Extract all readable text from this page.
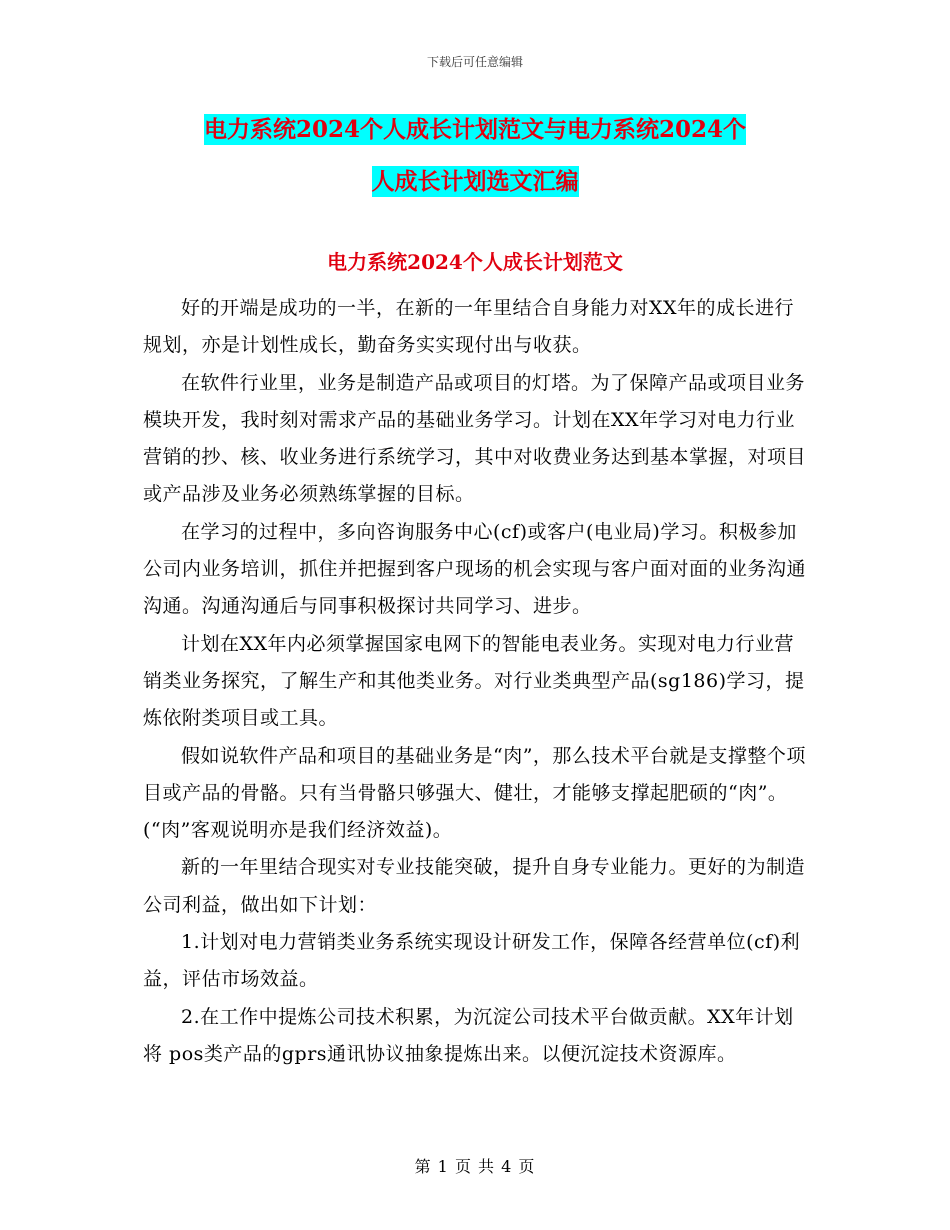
下载后可任意编辑
电力系统2024个人成长计划范文与电力系统2024个
人成长计划选文汇编
电力系统2024个人成长计划范文

好的开端是成功的一半，在新的一年里结合自身能力对XX年的成长进行规划，亦是计划性成长，勤奋务实实现付出与收获。

在软件行业里，业务是制造产品或项目的灯塔。为了保障产品或项目业务模块开发，我时刻对需求产品的基础业务学习。计划在XX年学习对电力行业营销的抄、核、收业务进行系统学习，其中对收费业务达到基本掌握，对项目或产品涉及业务必须熟练掌握的目标。

在学习的过程中，多向咨询服务中心(cf)或客户(电业局)学习。积极参加公司内业务培训，抓住并把握到客户现场的机会实现与客户面对面的业务沟通沟通。沟通沟通后与同事积极探讨共同学习、进步。

计划在XX年内必须掌握国家电网下的智能电表业务。实现对电力行业营销类业务探究，了解生产和其他类业务。对行业类典型产品(sg186)学习，提炼依附类项目或工具。

假如说软件产品和项目的基础业务是“肉”，那么技术平台就是支撑整个项目或产品的骨骼。只有当骨骼只够强大、健壮，才能够支撑起肥硕的“肉”。(“肉”客观说明亦是我们经济效益)。

新的一年里结合现实对专业技能突破，提升自身专业能力。更好的为制造公司利益，做出如下计划：

1.计划对电力营销类业务系统实现设计研发工作，保障各经营单位(cf)利益，评估市场效益。

2.在工作中提炼公司技术积累，为沉淀公司技术平台做贡献。XX年计划将 pos类产品的gprs通讯协议抽象提炼出来。以便沉淀技术资源库。

第 1 页 共 4 页
